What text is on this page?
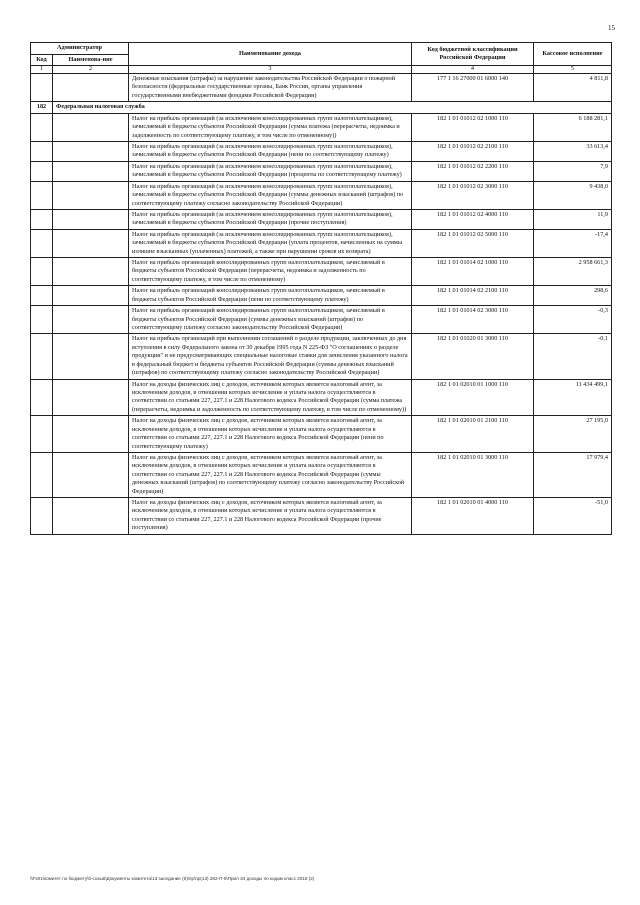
15
Администратор		Наименование дохода	Код бюджетной классификации Российской Федерации	Кассовое исполнение
Код	Наименова-ние			
1	2	3	4	5
		Денежные взыскания (штрафы) за нарушение законодательства Российской Федерации о пожарной безопасности (федеральные государственные органы, Банк России, органы управления государственными внебюджетными фондами Российской Федерации)	177 1 16 27000 01 6000 140	4 811,8
182	Федеральная налоговая служба			
		Налог на прибыль организаций (за исключением консолидированных групп налогоплательщиков), зачисляемый в бюджеты субъектов Российской Федерации (сумма платежа (перерасчеты, недоимка и задолженность по соответствующему платежу, в том числе по отмененному))	182 1 01 01012 02 1000 110	6 188 281,1
		Налог на прибыль организаций (за исключением консолидированных групп налогоплательщиков), зачисляемый в бюджеты субъектов Российской Федерации (пени по соответствующему платежу)	182 1 01 01012 02 2100 110	33 613,4
		Налог на прибыль организаций (за исключением консолидированных групп налогоплательщиков), зачисляемый в бюджеты субъектов Российской Федерации (проценты по соответствующему платежу)	182 1 01 01012 02 2200 110	7,9
		Налог на прибыль организаций (за исключением консолидированных групп налогоплательщиков), зачисляемый в бюджеты субъектов Российской Федерации (суммы денежных взысканий (штрафов) по соответствующему платежу согласно законодательству Российской Федерации)	182 1 01 01012 02 3000 110	9 438,0
		Налог на прибыль организаций (за исключением консолидированных групп налогоплательщиков), зачисляемый в бюджеты субъектов Российской Федерации (прочие поступления)	182 1 01 01012 02 4000 110	11,9
		Налог на прибыль организаций (за исключением консолидированных групп налогоплательщиков), зачисляемый в бюджеты субъектов Российской Федерации (уплата процентов, начисленных на суммы излишне взысканных (уплаченных) платежей, а также при нарушении сроков их возврата)	182 1 01 01012 02 5000 110	-17,4
		Налог на прибыль организаций консолидированных групп налогоплательщиков, зачисляемый в бюджеты субъектов Российской Федерации (перерасчеты, недоимка и задолженность по соответствующему платежу, в том числе по отмененному)	182 1 01 01014 02 1000 110	2 958 661,3
		Налог на прибыль организаций консолидированных групп налогоплательщиков, зачисляемый в бюджеты субъектов Российской Федерации (пени по соответствующему платежу)	182 1 01 01014 02 2100 110	298,6
		Налог на прибыль организаций консолидированных групп налогоплательщиков, зачисляемый в бюджеты субъектов Российской Федерации (суммы денежных взысканий (штрафов) по соответствующему платежу согласно законодательству Российской Федерации)	182 1 01 01014 02 3000 110	-0,3
		Налог на прибыль организаций при выполнении соглашений о разделе продукции, заключенных до дня вступления в силу Федерального закона от 30 декабря 1995 года N 225-ФЗ "О соглашениях о разделе продукции" и не предусматривающих специальные налоговые ставки для зачисления указанного налога в федеральный бюджет и бюджеты субъектов Российской Федерации (суммы денежных взысканий (штрафов) по соответствующему платежу согласно законодательству Российской Федерации)	182 1 01 01020 01 3000 110	-0,1
		Налог на доходы физических лиц с доходов, источником которых является налоговый агент, за исключением доходов, в отношении которых исчисление и уплата налога осуществляются в соответствии со статьями 227, 227.1 и 228 Налогового кодекса Российской Федерации (сумма платежа (перерасчеты, недоимка и задолженность по соответствующему платежу, в том числе по отмененному))	182 1 01 02010 01 1000 110	11 434 499,1
		Налог на доходы физических лиц с доходов, источником которых является налоговый агент, за исключением доходов, в отношении которых исчисление и уплата налога осуществляются в соответствии со статьями 227, 227.1 и 228 Налогового кодекса Российской Федерации (пени по соответствующему платежу)	182 1 01 02010 01 2100 110	27 195,0
		Налог на доходы физических лиц с доходов, источником которых является налоговый агент, за исключением доходов, в отношении которых исчисление и уплата налога осуществляются в соответствии со статьями 227, 227.1 и 228 Налогового кодекса Российской Федерации (суммы денежных взысканий (штрафов) по соответствующему платежу согласно законодательству Российской Федерации)	182 1 01 02010 01 3000 110	17 979,4
		Налог на доходы физических лиц с доходов, источником которых является налоговый агент, за исключением доходов, в отношении которых исчисление и уплата налога осуществляются в соответствии со статьями 227, 227.1 и 228 Налогового кодекса Российской Федерации (прочие поступления)	182 1 01 02010 01 4000 110	-51,0
\\Fs01\комитет по бюджету\б-созыв\Документы комитета\13 заседание (6)\пр\пр(13) 282-П-9\Прил 34 доходы по кодам класс 2018 (2)
